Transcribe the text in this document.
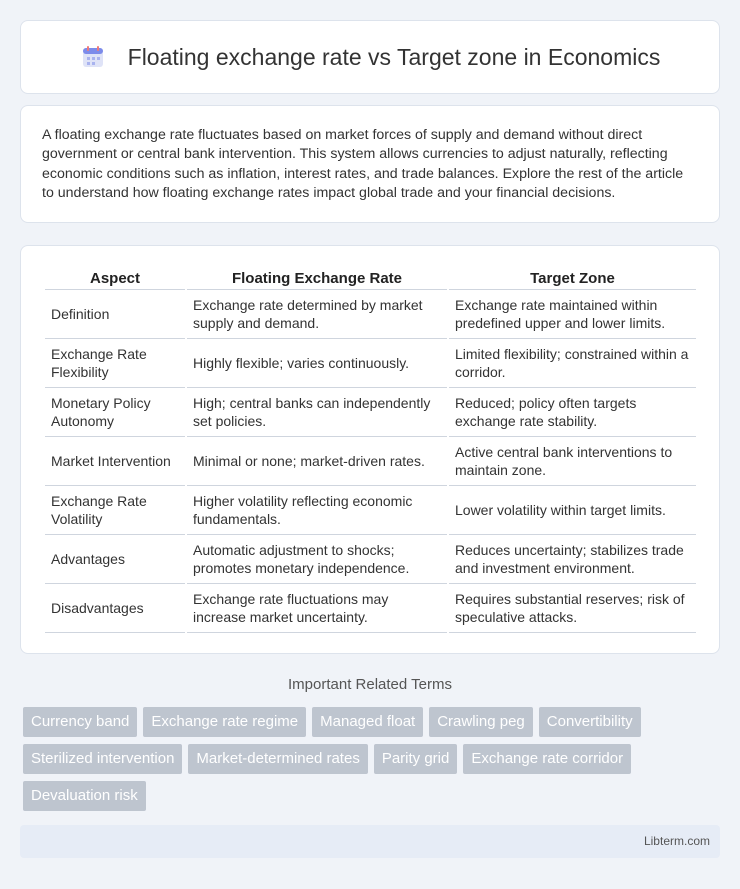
Floating exchange rate vs Target zone in Economics

A floating exchange rate fluctuates based on market forces of supply and demand without direct government or central bank intervention. This system allows currencies to adjust naturally, reflecting economic conditions such as inflation, interest rates, and trade balances. Explore the rest of the article to understand how floating exchange rates impact global trade and your financial decisions.

Aspect	Floating Exchange Rate	Target Zone
Definition	Exchange rate determined by market supply and demand.	Exchange rate maintained within predefined upper and lower limits.
Exchange Rate Flexibility	Highly flexible; varies continuously.	Limited flexibility; constrained within a corridor.
Monetary Policy Autonomy	High; central banks can independently set policies.	Reduced; policy often targets exchange rate stability.
Market Intervention	Minimal or none; market-driven rates.	Active central bank interventions to maintain zone.
Exchange Rate Volatility	Higher volatility reflecting economic fundamentals.	Lower volatility within target limits.
Advantages	Automatic adjustment to shocks; promotes monetary independence.	Reduces uncertainty; stabilizes trade and investment environment.
Disadvantages	Exchange rate fluctuations may increase market uncertainty.	Requires substantial reserves; risk of speculative attacks.
Important Related Terms
Currency band	Exchange rate regime	Managed float	Crawling peg	Convertibility
Sterilized intervention	Market-determined rates	Parity grid	Exchange rate corridor
Devaluation risk
Libterm.com
